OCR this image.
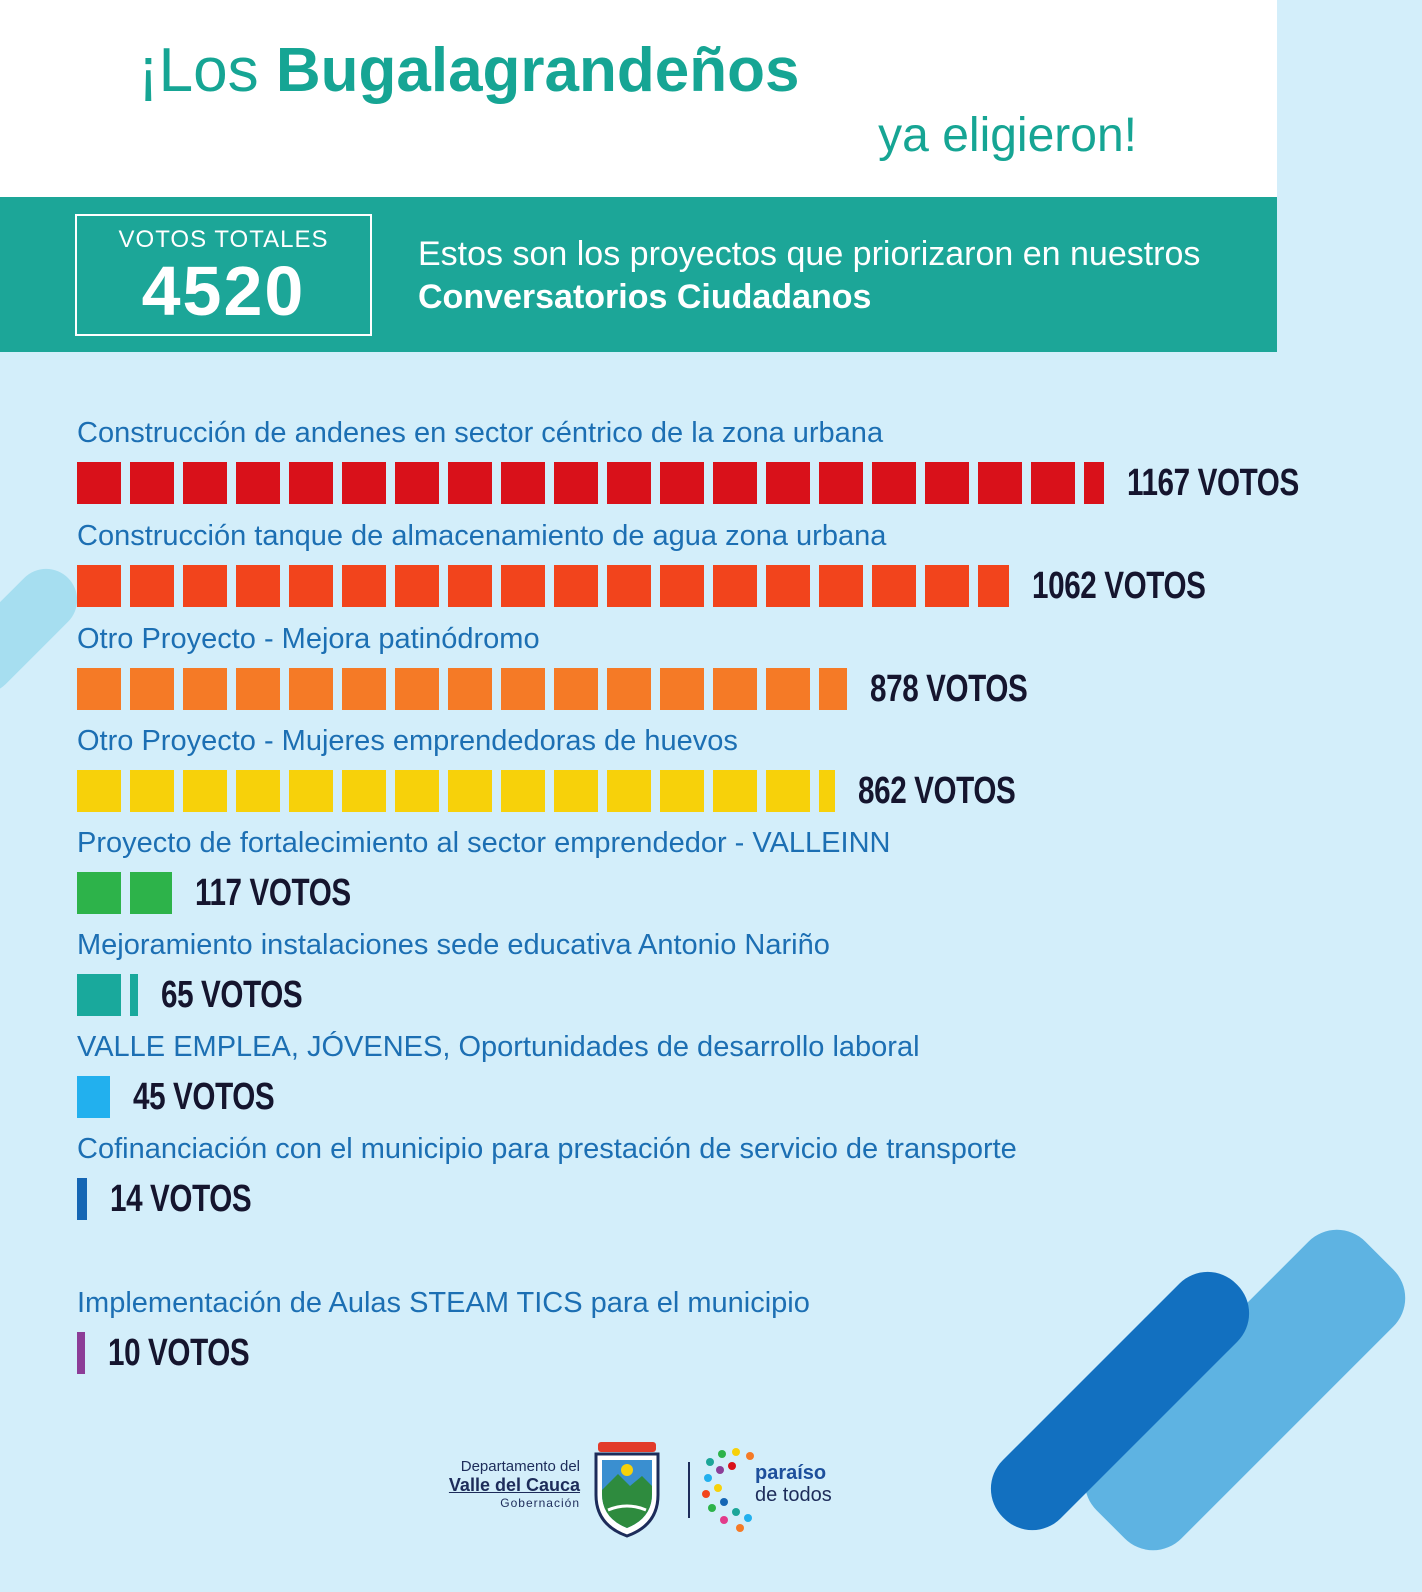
¡Los Bugalagrandeños
ya eligieron!
VOTOS TOTALES
4520	Estos son los proyectos que priorizaron en nuestros
Conversatorios Ciudadanos
Construcción de andenes en sector céntrico de la zona urbana
1167 VOTOS
Construcción tanque de almacenamiento de agua zona urbana
1062 VOTOS
Otro Proyecto - Mejora patinódromo
878 VOTOS
Otro Proyecto - Mujeres emprendedoras de huevos
862 VOTOS
Proyecto de fortalecimiento al sector emprendedor - VALLEINN
117 VOTOS
Mejoramiento instalaciones sede educativa Antonio Nariño
65 VOTOS
VALLE EMPLEA, JÓVENES, Oportunidades de desarrollo laboral
45 VOTOS
Cofinanciación con el municipio para prestación de servicio de transporte
14 VOTOS
Implementación de Aulas STEAM TICS para el municipio
10 VOTOS
Departamento del
Valle del Cauca
Gobernación
paraíso
de todos
